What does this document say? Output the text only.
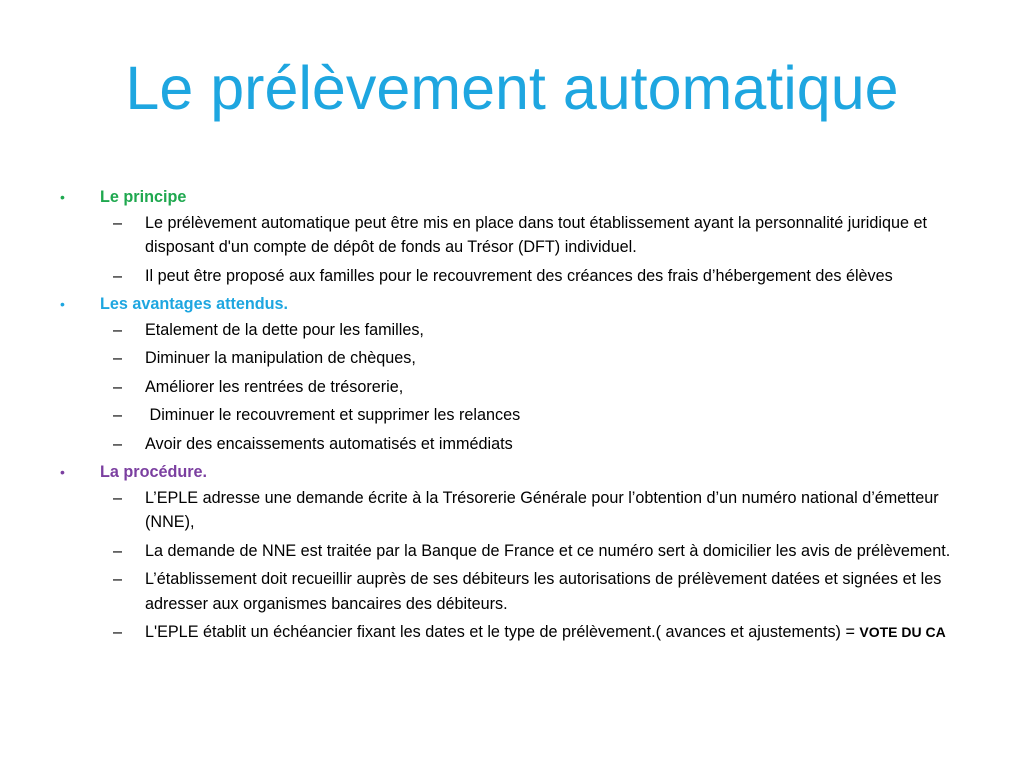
Le prélèvement automatique
•	Le principe
–	Le prélèvement automatique peut être mis en place dans tout établissement ayant la personnalité juridique et disposant d'un compte de dépôt de fonds au Trésor (DFT) individuel.
–	Il peut être proposé aux familles pour le recouvrement des créances des frais d’hébergement des élèves
•	Les avantages attendus.
–	Etalement de la dette pour les familles,
–	Diminuer la manipulation de chèques,
–	Améliorer les rentrées de trésorerie,
–	Diminuer le recouvrement et supprimer les relances
–	Avoir des encaissements automatisés et immédiats
•	La procédure.
–	L’EPLE adresse une demande écrite à la Trésorerie Générale pour l’obtention d’un numéro national d’émetteur (NNE),
–	La demande de NNE est traitée par la Banque de France et ce numéro sert à domicilier les avis de prélèvement.
–	L’établissement doit recueillir auprès de ses débiteurs les autorisations de prélèvement datées et signées et les adresser aux organismes bancaires des débiteurs.
–	L'EPLE établit un échéancier fixant les dates et le type de prélèvement.( avances et ajustements) = VOTE DU CA
